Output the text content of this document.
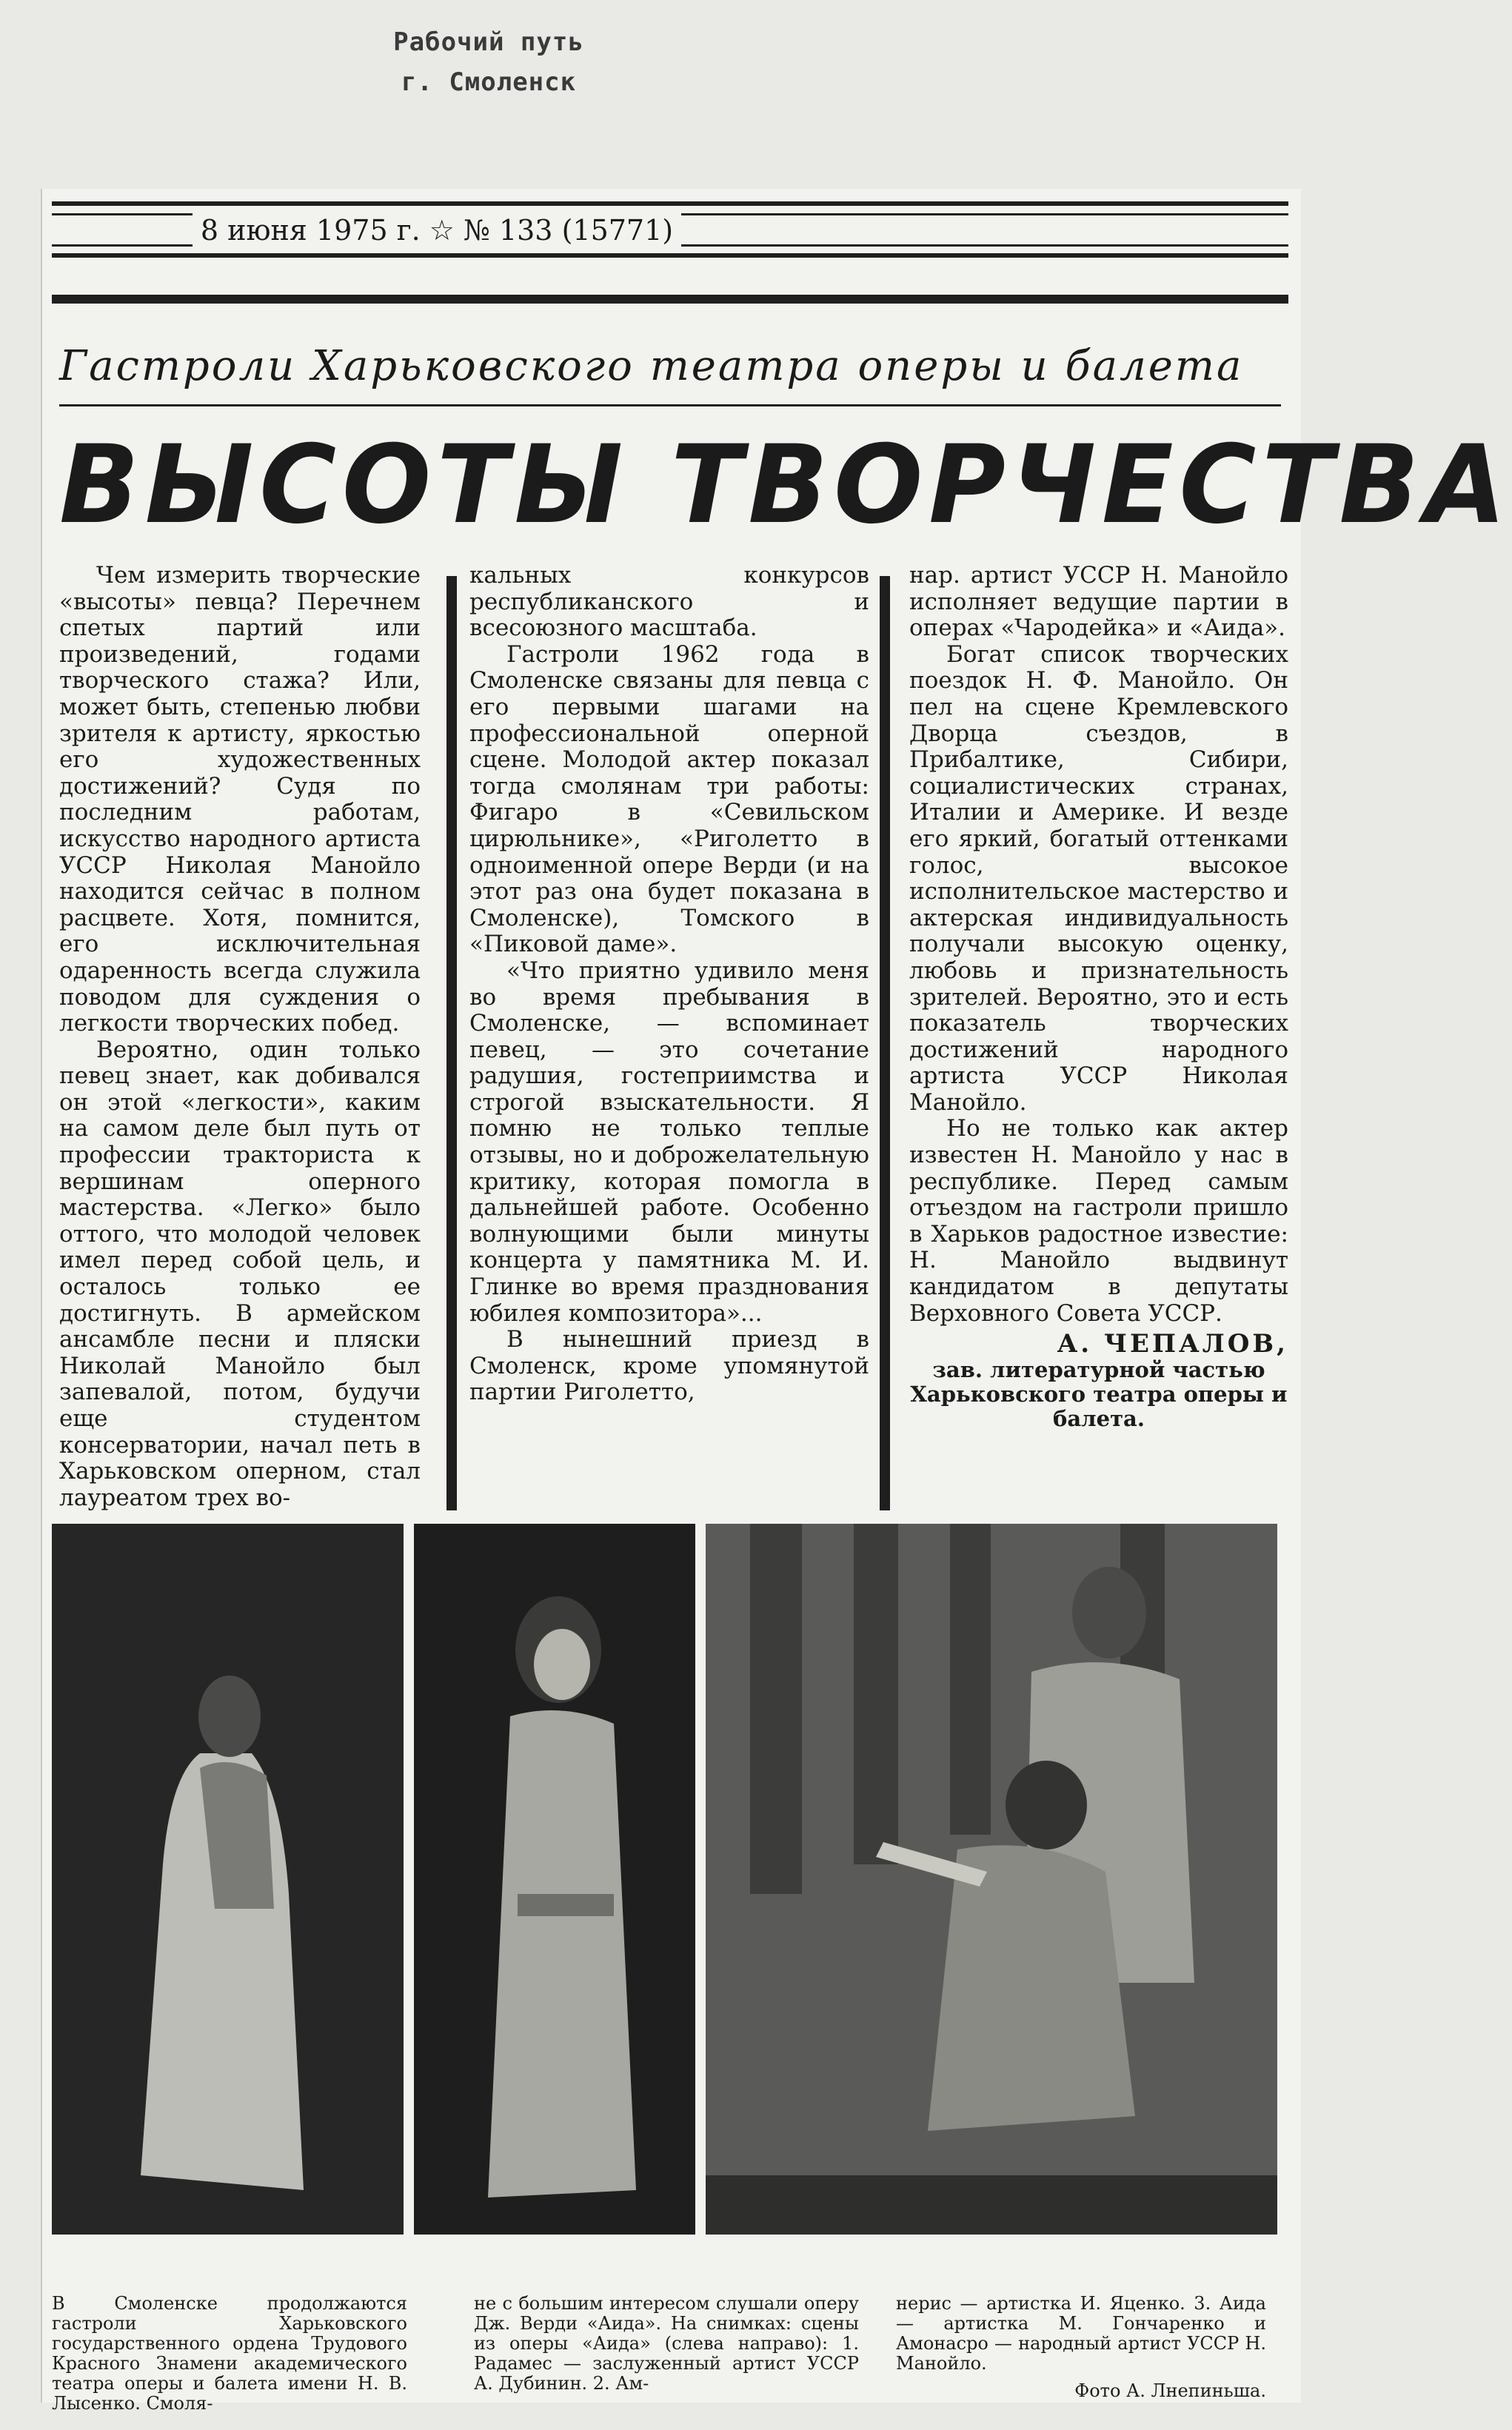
Рабочий путь
г. Смоленск
8 июня 1975 г. ☆ № 133 (15771)
Гастроли Харьковского театра оперы и балета
ВЫСОТЫ ТВОРЧЕСТВА

Чем измерить творческие «высоты» певца? Перечнем спетых партий или произведений, годами творческого стажа? Или, может быть, степенью любви зрителя к артисту, яркостью его художественных достижений? Судя по последним работам, искусство народного артиста УССР Николая Манойло находится сейчас в полном расцвете. Хотя, помнится, его исключительная одаренность всегда служила поводом для суждения о легкости творческих побед.

Вероятно, один только певец знает, как добивался он этой «легкости», каким на самом деле был путь от профессии тракториста к вершинам оперного мастерства. «Легко» было оттого, что молодой человек имел перед собой цель, и осталось только ее достигнуть. В армейском ансамбле песни и пляски Николай Манойло был запевалой, потом, будучи еще студентом консерватории, начал петь в Харьковском оперном, стал лауреатом трех во-

кальных конкурсов республиканского и всесоюзного масштаба.

Гастроли 1962 года в Смоленске связаны для певца с его первыми шагами на профессиональной оперной сцене. Молодой актер показал тогда смолянам три работы: Фигаро в «Севильском цирюльнике», «Риголетто в одноименной опере Верди (и на этот раз она будет показана в Смоленске), Томского в «Пиковой даме».

«Что приятно удивило меня во время пребывания в Смоленске, — вспоминает певец, — это сочетание радушия, гостеприимства и строгой взыскательности. Я помню не только теплые отзывы, но и доброжелательную критику, которая помогла в дальнейшей работе. Особенно волнующими были минуты концерта у памятника М. И. Глинке во время празднования юбилея композитора»...

В нынешний приезд в Смоленск, кроме упомянутой партии Риголетто,

нар. артист УССР Н. Манойло исполняет ведущие партии в операх «Чародейка» и «Аида».

Богат список творческих поездок Н. Ф. Манойло. Он пел на сцене Кремлевского Дворца съездов, в Прибалтике, Сибири, социалистических странах, Италии и Америке. И везде его яркий, богатый оттенками голос, высокое исполнительское мастерство и актерская индивидуальность получали высокую оценку, любовь и признательность зрителей. Вероятно, это и есть показатель творческих достижений народного артиста УССР Николая Манойло.

Но не только как актер известен Н. Манойло у нас в республике. Перед самым отъездом на гастроли пришло в Харьков радостное известие: Н. Манойло выдвинут кандидатом в депутаты Верховного Совета УССР.

А. ЧЕПАЛОВ,
зав. литературной частью Харьковского театра оперы и балета.
В Смоленске продолжаются гастроли Харьковского государственного ордена Трудового Красного Знамени академического театра оперы и балета имени Н. В. Лысенко. Смоля-
не с большим интересом слушали оперу Дж. Верди «Аида». На снимках: сцены из оперы «Аида» (слева направо): 1. Радамес — заслуженный артист УССР А. Дубинин. 2. Ам-
нерис — артистка И. Яценко. 3. Аида — артистка М. Гончаренко и Амонасро — народный артист УССР Н. Манойло.
Фото А. Лнепиньша.
